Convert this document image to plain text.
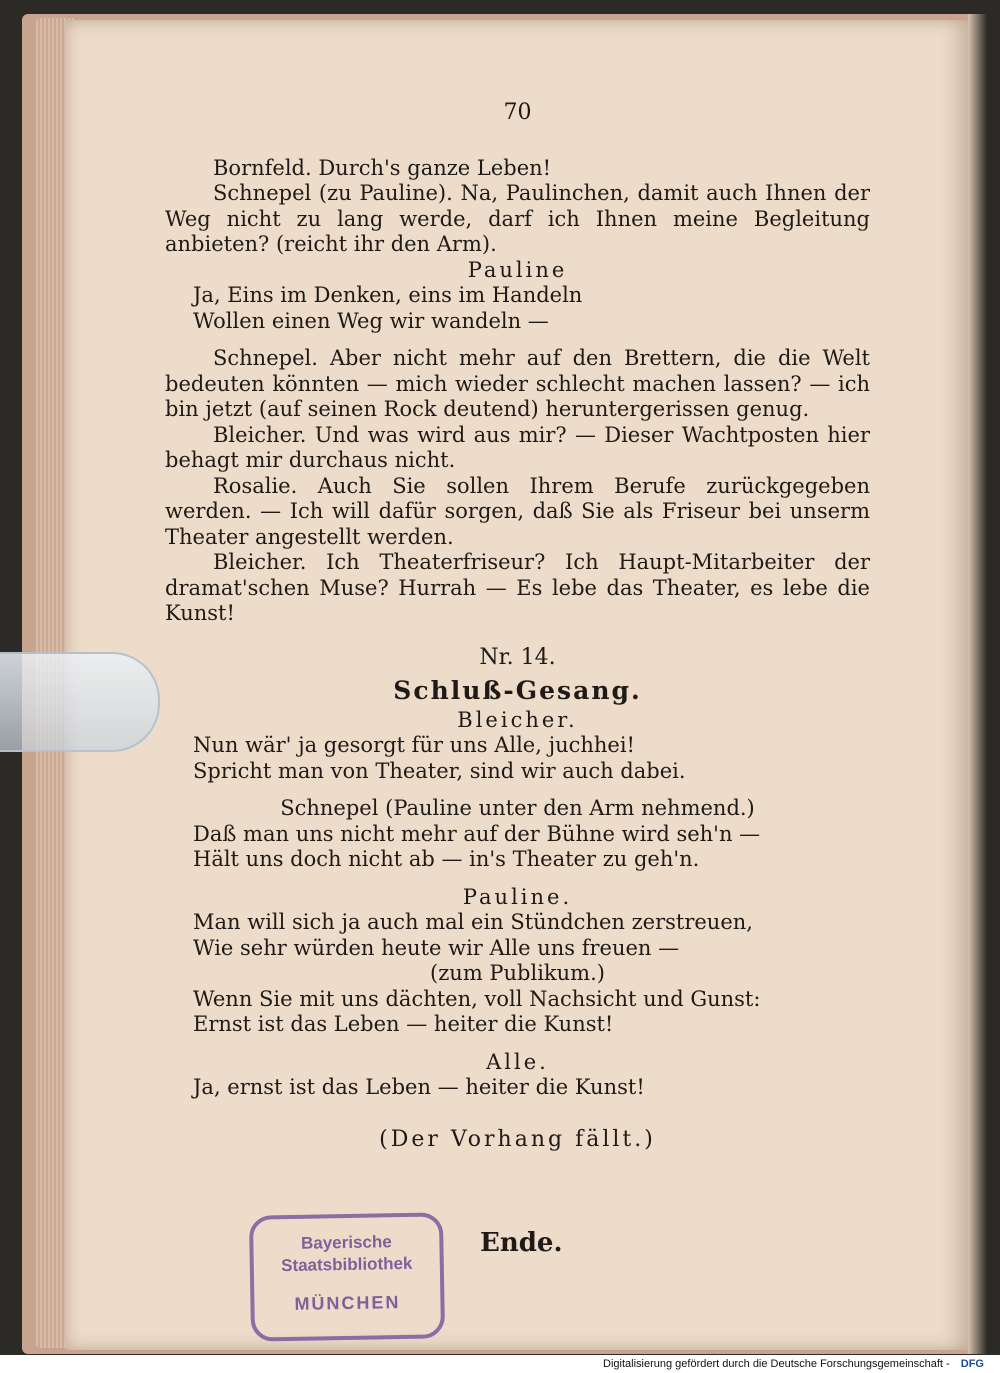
70

Bornfeld. Durch's ganze Leben!

Schnepel (zu Pauline). Na, Paulinchen, damit auch Ihnen der Weg nicht zu lang werde, darf ich Ihnen meine Begleitung anbieten? (reicht ihr den Arm).

Pauline

Ja, Eins im Denken, eins im Handeln

Wollen einen Weg wir wandeln —

Schnepel. Aber nicht mehr auf den Brettern, die die Welt bedeuten könnten — mich wieder schlecht machen lassen? — ich bin jetzt (auf seinen Rock deutend) heruntergerissen genug.

Bleicher. Und was wird aus mir? — Dieser Wachtposten hier behagt mir durchaus nicht.

Rosalie. Auch Sie sollen Ihrem Berufe zurückgegeben werden. — Ich will dafür sorgen, daß Sie als Friseur bei unserm Theater angestellt werden.

Bleicher. Ich Theaterfriseur? Ich Haupt-Mitarbeiter der dramat'schen Muse? Hurrah — Es lebe das Theater, es lebe die Kunst!

Nr. 14.
Schluß-Gesang.

Bleicher.

Nun wär' ja gesorgt für uns Alle, juchhei!

Spricht man von Theater, sind wir auch dabei.

Schnepel (Pauline unter den Arm nehmend.)

Daß man uns nicht mehr auf der Bühne wird seh'n —

Hält uns doch nicht ab — in's Theater zu geh'n.

Pauline.

Man will sich ja auch mal ein Stündchen zerstreuen,

Wie sehr würden heute wir Alle uns freuen —

(zum Publikum.)

Wenn Sie mit uns dächten, voll Nachsicht und Gunst:

Ernst ist das Leben — heiter die Kunst!

Alle.

Ja, ernst ist das Leben — heiter die Kunst!

(Der Vorhang fällt.)
Bayerische
Staatsbibliothek
MÜNCHEN
Ende.
Digitalisierung gefördert durch die Deutsche Forschungsgemeinschaft - DFG
